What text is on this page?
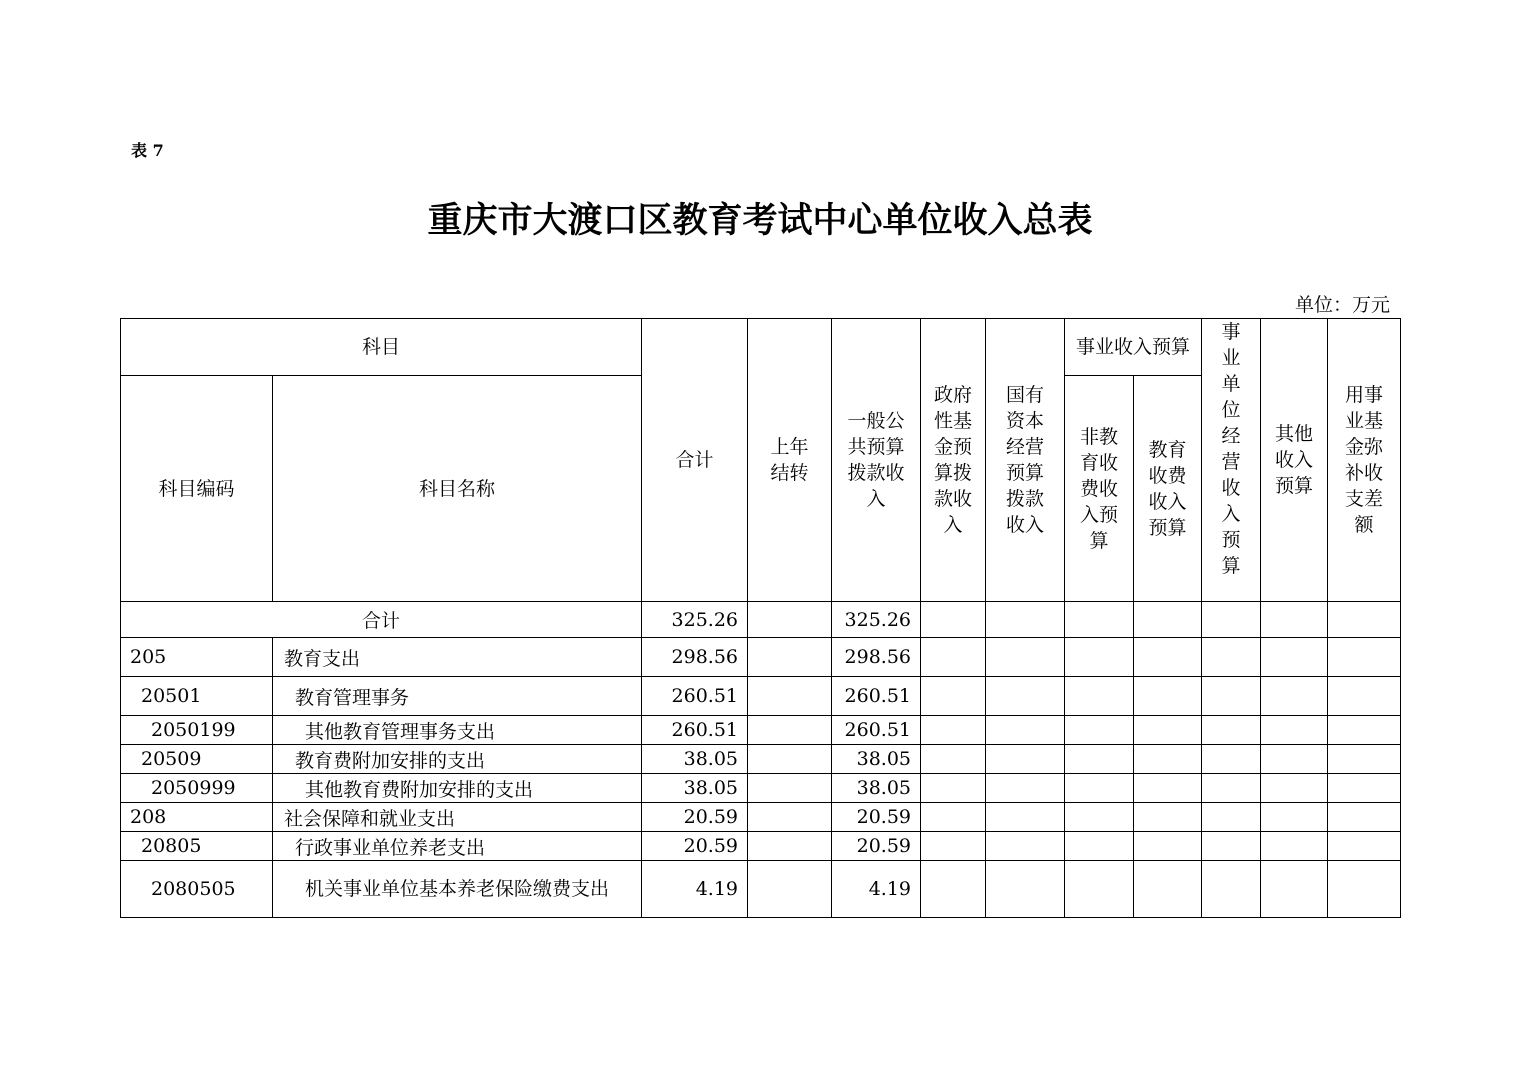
表 7
重庆市大渡口区教育考试中心单位收入总表
单位：万元
科目		合计	上年结转	一般公共预算拨款收入	政府性基金预算拨款收入	国有资本经营预算拨款收入	事业收入预算		事业单位经营收入预算	其他收入预算	用事业基金弥补收支差额
科目编码	科目名称						非教育收费收入预算	教育收费收入预算			
合计		325.26		325.26							
205	教育支出	298.56		298.56							
20501	教育管理事务	260.51		260.51							
2050199	其他教育管理事务支出	260.51		260.51							
20509	教育费附加安排的支出	38.05		38.05							
2050999	其他教育费附加安排的支出	38.05		38.05							
208	社会保障和就业支出	20.59		20.59							
20805	行政事业单位养老支出	20.59		20.59							
2080505	机关事业单位基本养老保险缴费支出	4.19		4.19							
